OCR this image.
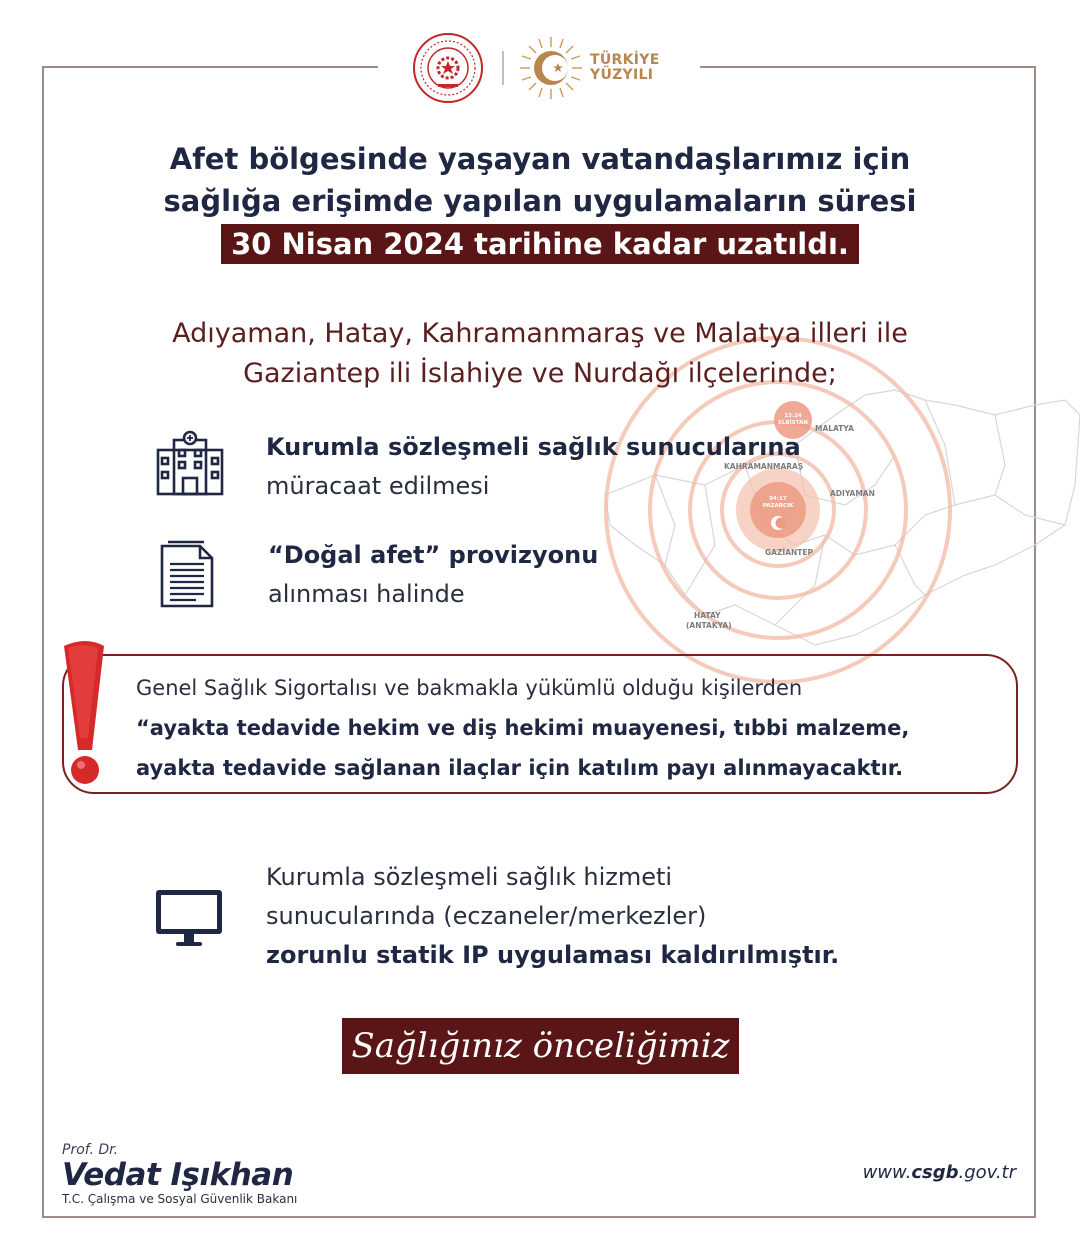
TÜRKİYE
YÜZYILI
Afet bölgesinde yaşayan vatandaşlarımız için
sağlığa erişimde yapılan uygulamaların süresi
30 Nisan 2024 tarihine kadar uzatıldı.
MALATYA
KAHRAMANMARAŞ
ADIYAMAN
GAZİANTEP
HATAY
(ANTAKYA)
13:24
ELBİSTAN
04:17
PAZARCIK
Adıyaman, Hatay, Kahramanmaraş ve Malatya illeri ile
Gaziantep ili İslahiye ve Nurdağı ilçelerinde;
Kurumla sözleşmeli sağlık sunucularına
müracaat edilmesi
“Doğal afet” provizyonu
alınması halinde
Genel Sağlık Sigortalısı ve bakmakla yükümlü olduğu kişilerden
“ayakta tedavide hekim ve diş hekimi muayenesi, tıbbi malzeme,
ayakta tedavide sağlanan ilaçlar için katılım payı alınmayacaktır.
Kurumla sözleşmeli sağlık hizmeti
sunucularında (eczaneler/merkezler)
zorunlu statik IP uygulaması kaldırılmıştır.
Sağlığınız önceliğimiz
Prof. Dr.
Vedat Işıkhan
T.C. Çalışma ve Sosyal Güvenlik Bakanı
www.csgb.gov.tr
